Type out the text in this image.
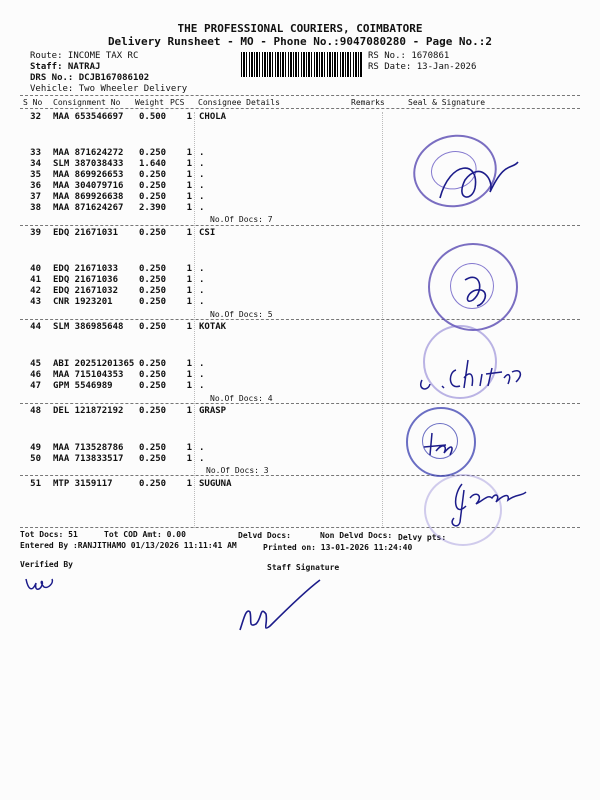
THE PROFESSIONAL COURIERS, COIMBATORE
Delivery Runsheet - MO - Phone No.:9047080280 - Page No.:2
Route: INCOME TAX RC
Staff: NATRAJ
DRS No.: DCJB167086102
Vehicle: Two Wheeler Delivery
RS No.: 1670861
RS Date: 13-Jan-2026
S No Consignment No Weight PCS Consignee Details	Remarks	Seal & Signature
32 MAA 653546697 0.500	1 CHOLA
33 MAA 871624272 0.250	1 .
34 SLM 387038433 1.640	1 .
35 MAA 869926653 0.250	1 .
36 MAA 304079716 0.250	1 .
37 MAA 869926638 0.250	1 .
38 MAA 871624267 2.390	1 .
No.Of Docs: 7
39 EDQ 21671031 0.250	1 CSI
40 EDQ 21671033 0.250	1 .
41 EDQ 21671036 0.250	1 .
42 EDQ 21671032 0.250	1 .
43 CNR 1923201	0.250	1 .
No.Of Docs: 5
44 SLM 386985648 0.250	1 KOTAK
45 ABI 20251201365 0.250	1 .
46 MAA 715104353 0.250	1 .
47 GPM 5546989	0.250	1 .
No.Of Docs: 4
48 DEL 121872192 0.250	1 GRASP
49 MAA 713528786 0.250	1 .
50 MAA 713833517 0.250	1 .
No.Of Docs: 3
51 MTP 3159117	0.250	1 SUGUNA
Tot Docs: 51	Tot COD Amt: 0.00	Delvd Docs:	Non Delvd Docs: Delvy pts:
Entered By :RANJITHAMO 01/13/2026 11:11:41 AM	Printed on: 13-01-2026 11:24:40
Verified By	Staff Signature
